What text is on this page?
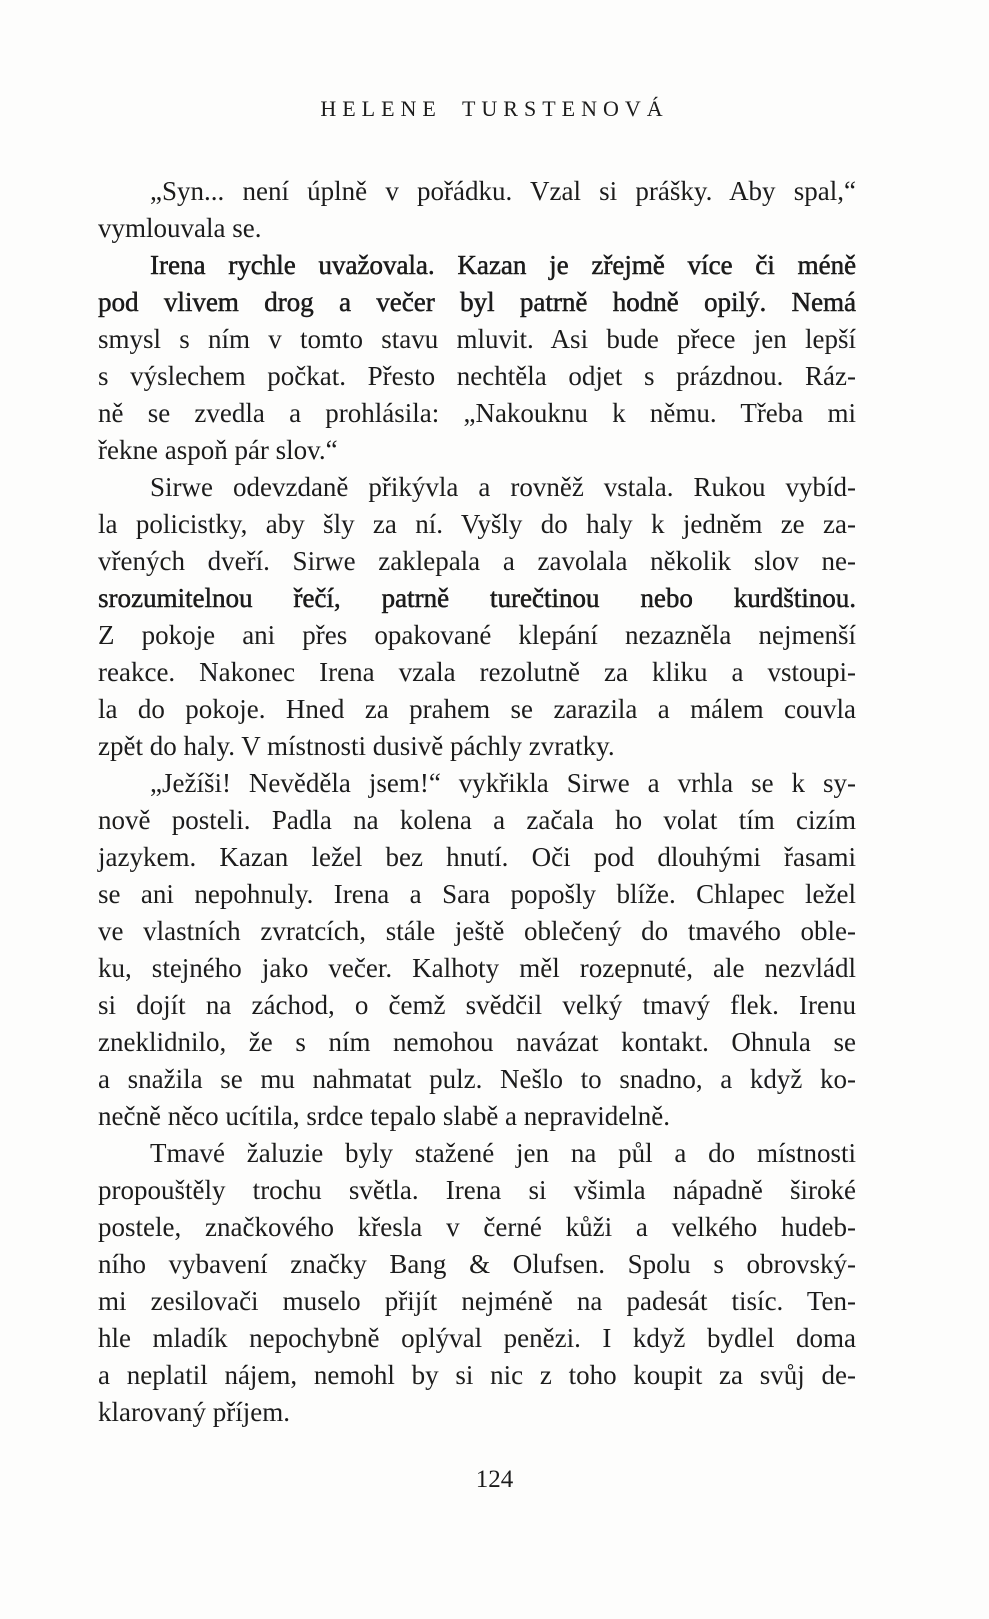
HELENE TURSTENOVÁ
„Syn... není úplně v pořádku. Vzal si prášky. Aby spal,“
vymlouvala se.
Irena rychle uvažovala. Kazan je zřejmě více či méně
pod vlivem drog a večer byl patrně hodně opilý. Nemá
smysl s ním v tomto stavu mluvit. Asi bude přece jen lepší
s výslechem počkat. Přesto nechtěla odjet s prázdnou. Ráz-
ně se zvedla a prohlásila: „Nakouknu k němu. Třeba mi
řekne aspoň pár slov.“
Sirwe odevzdaně přikývla a rovněž vstala. Rukou vybíd-
la policistky, aby šly za ní. Vyšly do haly k jedněm ze za-
vřených dveří. Sirwe zaklepala a zavolala několik slov ne-
srozumitelnou řečí, patrně turečtinou nebo kurdštinou.
Z pokoje ani přes opakované klepání nezazněla nejmenší
reakce. Nakonec Irena vzala rezolutně za kliku a vstoupi-
la do pokoje. Hned za prahem se zarazila a málem couvla
zpět do haly. V místnosti dusivě páchly zvratky.
„Ježíši! Nevěděla jsem!“ vykřikla Sirwe a vrhla se k sy-
nově posteli. Padla na kolena a začala ho volat tím cizím
jazykem. Kazan ležel bez hnutí. Oči pod dlouhými řasami
se ani nepohnuly. Irena a Sara popošly blíže. Chlapec ležel
ve vlastních zvratcích, stále ještě oblečený do tmavého oble-
ku, stejného jako večer. Kalhoty měl rozepnuté, ale nezvládl
si dojít na záchod, o čemž svědčil velký tmavý flek. Irenu
zneklidnilo, že s ním nemohou navázat kontakt. Ohnula se
a snažila se mu nahmatat pulz. Nešlo to snadno, a když ko-
nečně něco ucítila, srdce tepalo slabě a nepravidelně.
Tmavé žaluzie byly stažené jen na půl a do místnosti
propouštěly trochu světla. Irena si všimla nápadně široké
postele, značkového křesla v černé kůži a velkého hudeb-
ního vybavení značky Bang & Olufsen. Spolu s obrovský-
mi zesilovači muselo přijít nejméně na padesát tisíc. Ten-
hle mladík nepochybně oplýval penězi. I když bydlel doma
a neplatil nájem, nemohl by si nic z toho koupit za svůj de-
klarovaný příjem.
124
